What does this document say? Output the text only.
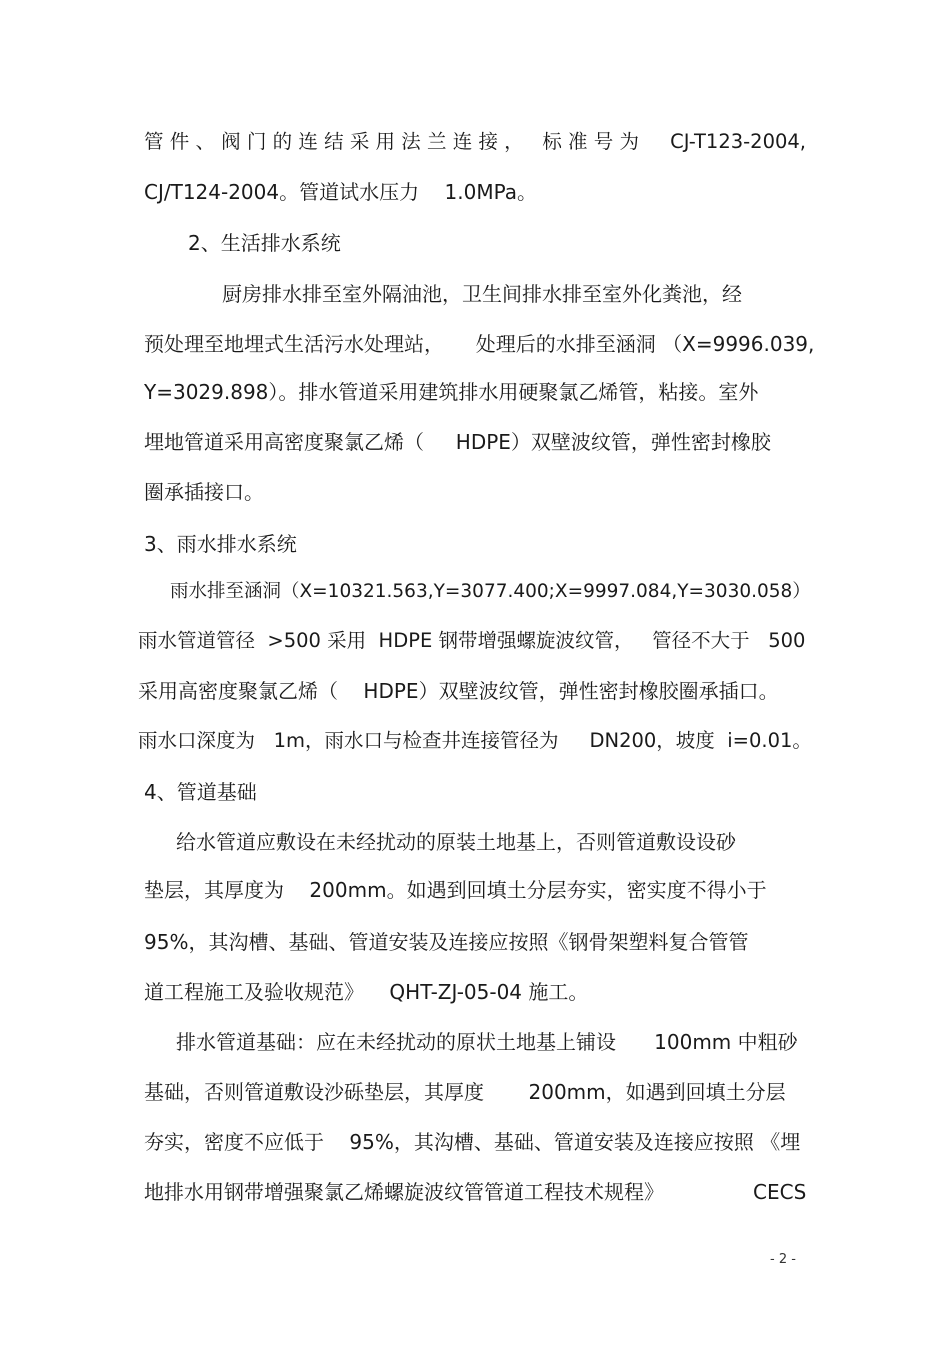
管 件 、 阀 门 的 连 结 采 用 法 兰 连 接 ，   标 准 号 为     CJ-T123-2004,
CJ/T124-2004。管道试水压力    1.0MPa。
2、生活排水系统
厨房排水排至室外隔油池，卫生间排水排至室外化粪池，经
预处理至地埋式生活污水处理站，     处理后的水排至涵洞 （X=9996.039,
Y=3029.898）。排水管道采用建筑排水用硬聚氯乙烯管，粘接。室外
埋地管道采用高密度聚氯乙烯（     HDPE）双壁波纹管，弹性密封橡胶
圈承插接口。
3、雨水排水系统
雨水排至涵洞（X=10321.563,Y=3077.400;X=9997.084,Y=3030.058）
雨水管道管径  >500 采用  HDPE 钢带增强螺旋波纹管，   管径不大于   500
采用高密度聚氯乙烯（    HDPE）双壁波纹管，弹性密封橡胶圈承插口。
雨水口深度为   1m，雨水口与检查井连接管径为     DN200，坡度  i=0.01。
4、管道基础
给水管道应敷设在未经扰动的原装土地基上，否则管道敷设设砂
垫层，其厚度为    200mm。如遇到回填土分层夯实，密实度不得小于
95%，其沟槽、基础、管道安装及连接应按照《钢骨架塑料复合管管
道工程施工及验收规范》    QHT-ZJ-05-04 施工。
排水管道基础：应在未经扰动的原状土地基上铺设      100mm 中粗砂
基础，否则管道敷设沙砾垫层，其厚度       200mm，如遇到回填土分层
夯实，密度不应低于    95%，其沟槽、基础、管道安装及连接应按照 《埋
地排水用钢带增强聚氯乙烯螺旋波纹管管道工程技术规程》              CECS
- 2 -
